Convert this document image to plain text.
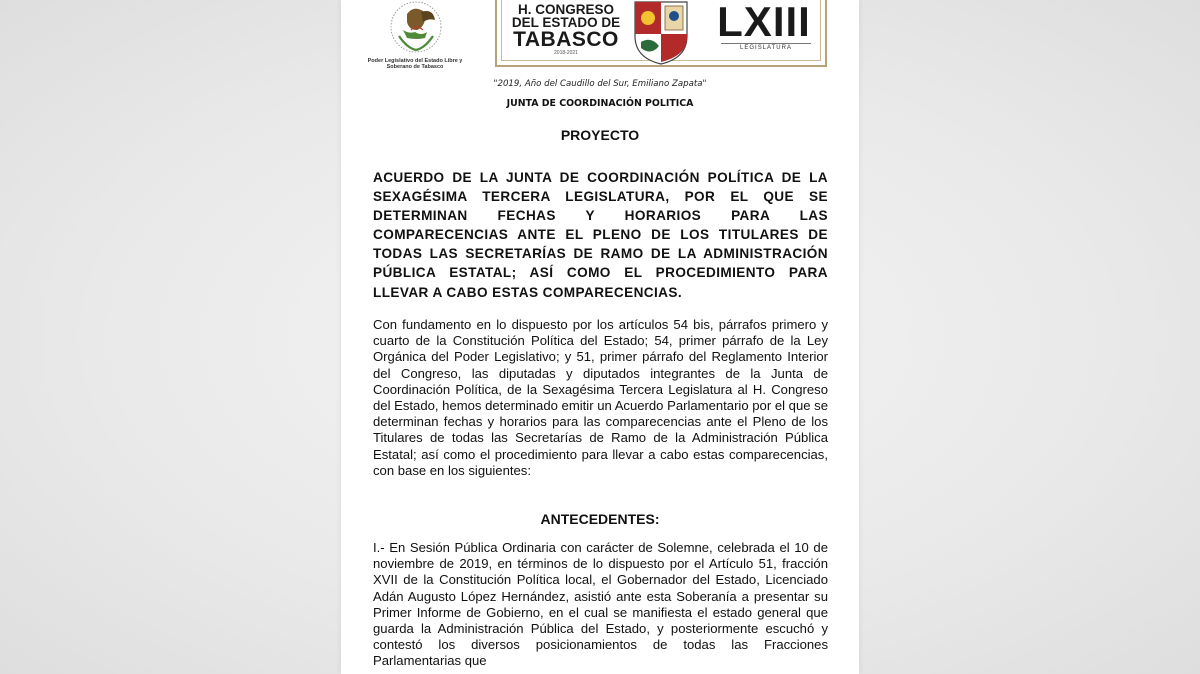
Poder Legislativo del Estado Libre y Soberano de Tabasco
H. CONGRESO
DEL ESTADO DE
TABASCO
2018-2021
LXIII
LEGISLATURA
"2019, Año del Caudillo del Sur, Emiliano Zapata"
JUNTA DE COORDINACIÓN POLITICA
PROYECTO
ACUERDO DE LA JUNTA DE COORDINACIÓN POLÍTICA DE LA SEXAGÉSIMA TERCERA LEGISLATURA, POR EL QUE SE DETERMINAN FECHAS Y HORARIOS PARA LAS COMPARECENCIAS ANTE EL PLENO DE LOS TITULARES DE TODAS LAS SECRETARÍAS DE RAMO DE LA ADMINISTRACIÓN PÚBLICA ESTATAL; ASÍ COMO EL PROCEDIMIENTO PARA LLEVAR A CABO ESTAS COMPARECENCIAS.
Con fundamento en lo dispuesto por los artículos 54 bis, párrafos primero y cuarto de la Constitución Política del Estado; 54, primer párrafo de la Ley Orgánica del Poder Legislativo; y 51, primer párrafo del Reglamento Interior del Congreso, las diputadas y diputados integrantes de la Junta de Coordinación Política, de la Sexagésima Tercera Legislatura al H. Congreso del Estado, hemos determinado emitir un Acuerdo Parlamentario por el que se determinan fechas y horarios para las comparecencias ante el Pleno de los Titulares de todas las Secretarías de Ramo de la Administración Pública Estatal; así como el procedimiento para llevar a cabo estas comparecencias, con base en los siguientes:
ANTECEDENTES:
I.- En Sesión Pública Ordinaria con carácter de Solemne, celebrada el 10 de noviembre de 2019, en términos de lo dispuesto por el Artículo 51, fracción XVII de la Constitución Política local, el Gobernador del Estado, Licenciado Adán Augusto López Hernández, asistió ante esta Soberanía a presentar su Primer Informe de Gobierno, en el cual se manifiesta el estado general que guarda la Administración Pública del Estado, y posteriormente escuchó y contestó los diversos posicionamientos de todas las Fracciones Parlamentarias que
